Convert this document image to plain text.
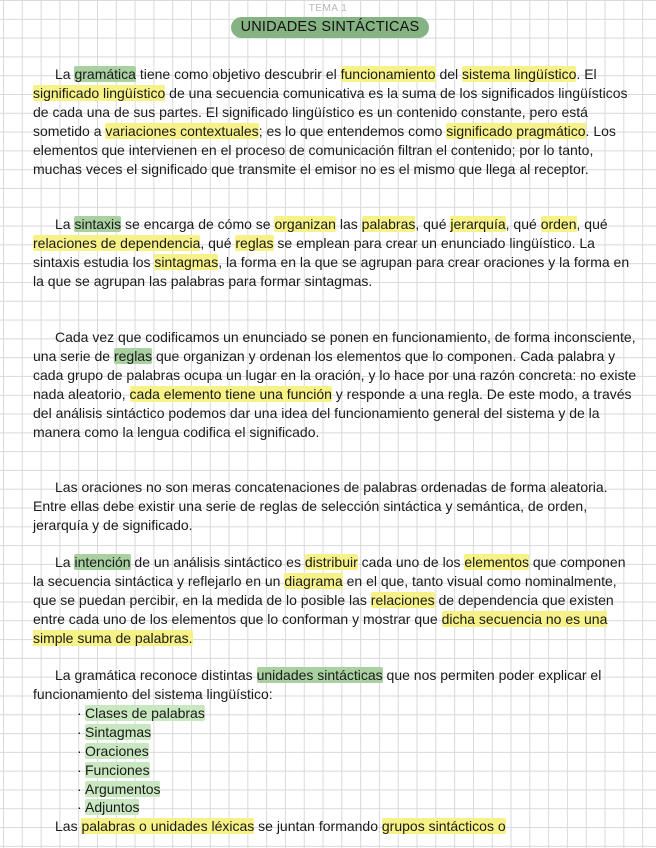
TEMA 1
UNIDADES SINTÁCTICAS

La gramática tiene como objetivo descubrir el funcionamiento del sistema lingüístico. El significado lingüístico de una secuencia comunicativa es la suma de los significados lingüísticos de cada una de sus partes. El significado lingüístico es un contenido constante, pero está sometido a variaciones contextuales; es lo que entendemos como significado pragmático. Los elementos que intervienen en el proceso de comunicación filtran el contenido; por lo tanto, muchas veces el significado que transmite el emisor no es el mismo que llega al receptor.

La sintaxis se encarga de cómo se organizan las palabras, qué jerarquía, qué orden, qué relaciones de dependencia, qué reglas se emplean para crear un enunciado lingüístico. La sintaxis estudia los sintagmas, la forma en la que se agrupan para crear oraciones y la forma en la que se agrupan las palabras para formar sintagmas.

Cada vez que codificamos un enunciado se ponen en funcionamiento, de forma inconsciente, una serie de reglas que organizan y ordenan los elementos que lo componen. Cada palabra y cada grupo de palabras ocupa un lugar en la oración, y lo hace por una razón concreta: no existe nada aleatorio, cada elemento tiene una función y responde a una regla. De este modo, a través del análisis sintáctico podemos dar una idea del funcionamiento general del sistema y de la manera como la lengua codifica el significado.

Las oraciones no son meras concatenaciones de palabras ordenadas de forma aleatoria. Entre ellas debe existir una serie de reglas de selección sintáctica y semántica, de orden, jerarquía y de significado.

La intención de un análisis sintáctico es distribuir cada uno de los elementos que componen la secuencia sintáctica y reflejarlo en un diagrama en el que, tanto visual como nominalmente, que se puedan percibir, en la medida de lo posible las relaciones de dependencia que existen entre cada uno de los elementos que lo conforman y mostrar que dicha secuencia no es una simple suma de palabras.

La gramática reconoce distintas unidades sintácticas que nos permiten poder explicar el funcionamiento del sistema lingüístico:

· Clases de palabras
· Sintagmas
· Oraciones
· Funciones
· Argumentos
· Adjuntos

Las palabras o unidades léxicas se juntan formando grupos sintácticos o
